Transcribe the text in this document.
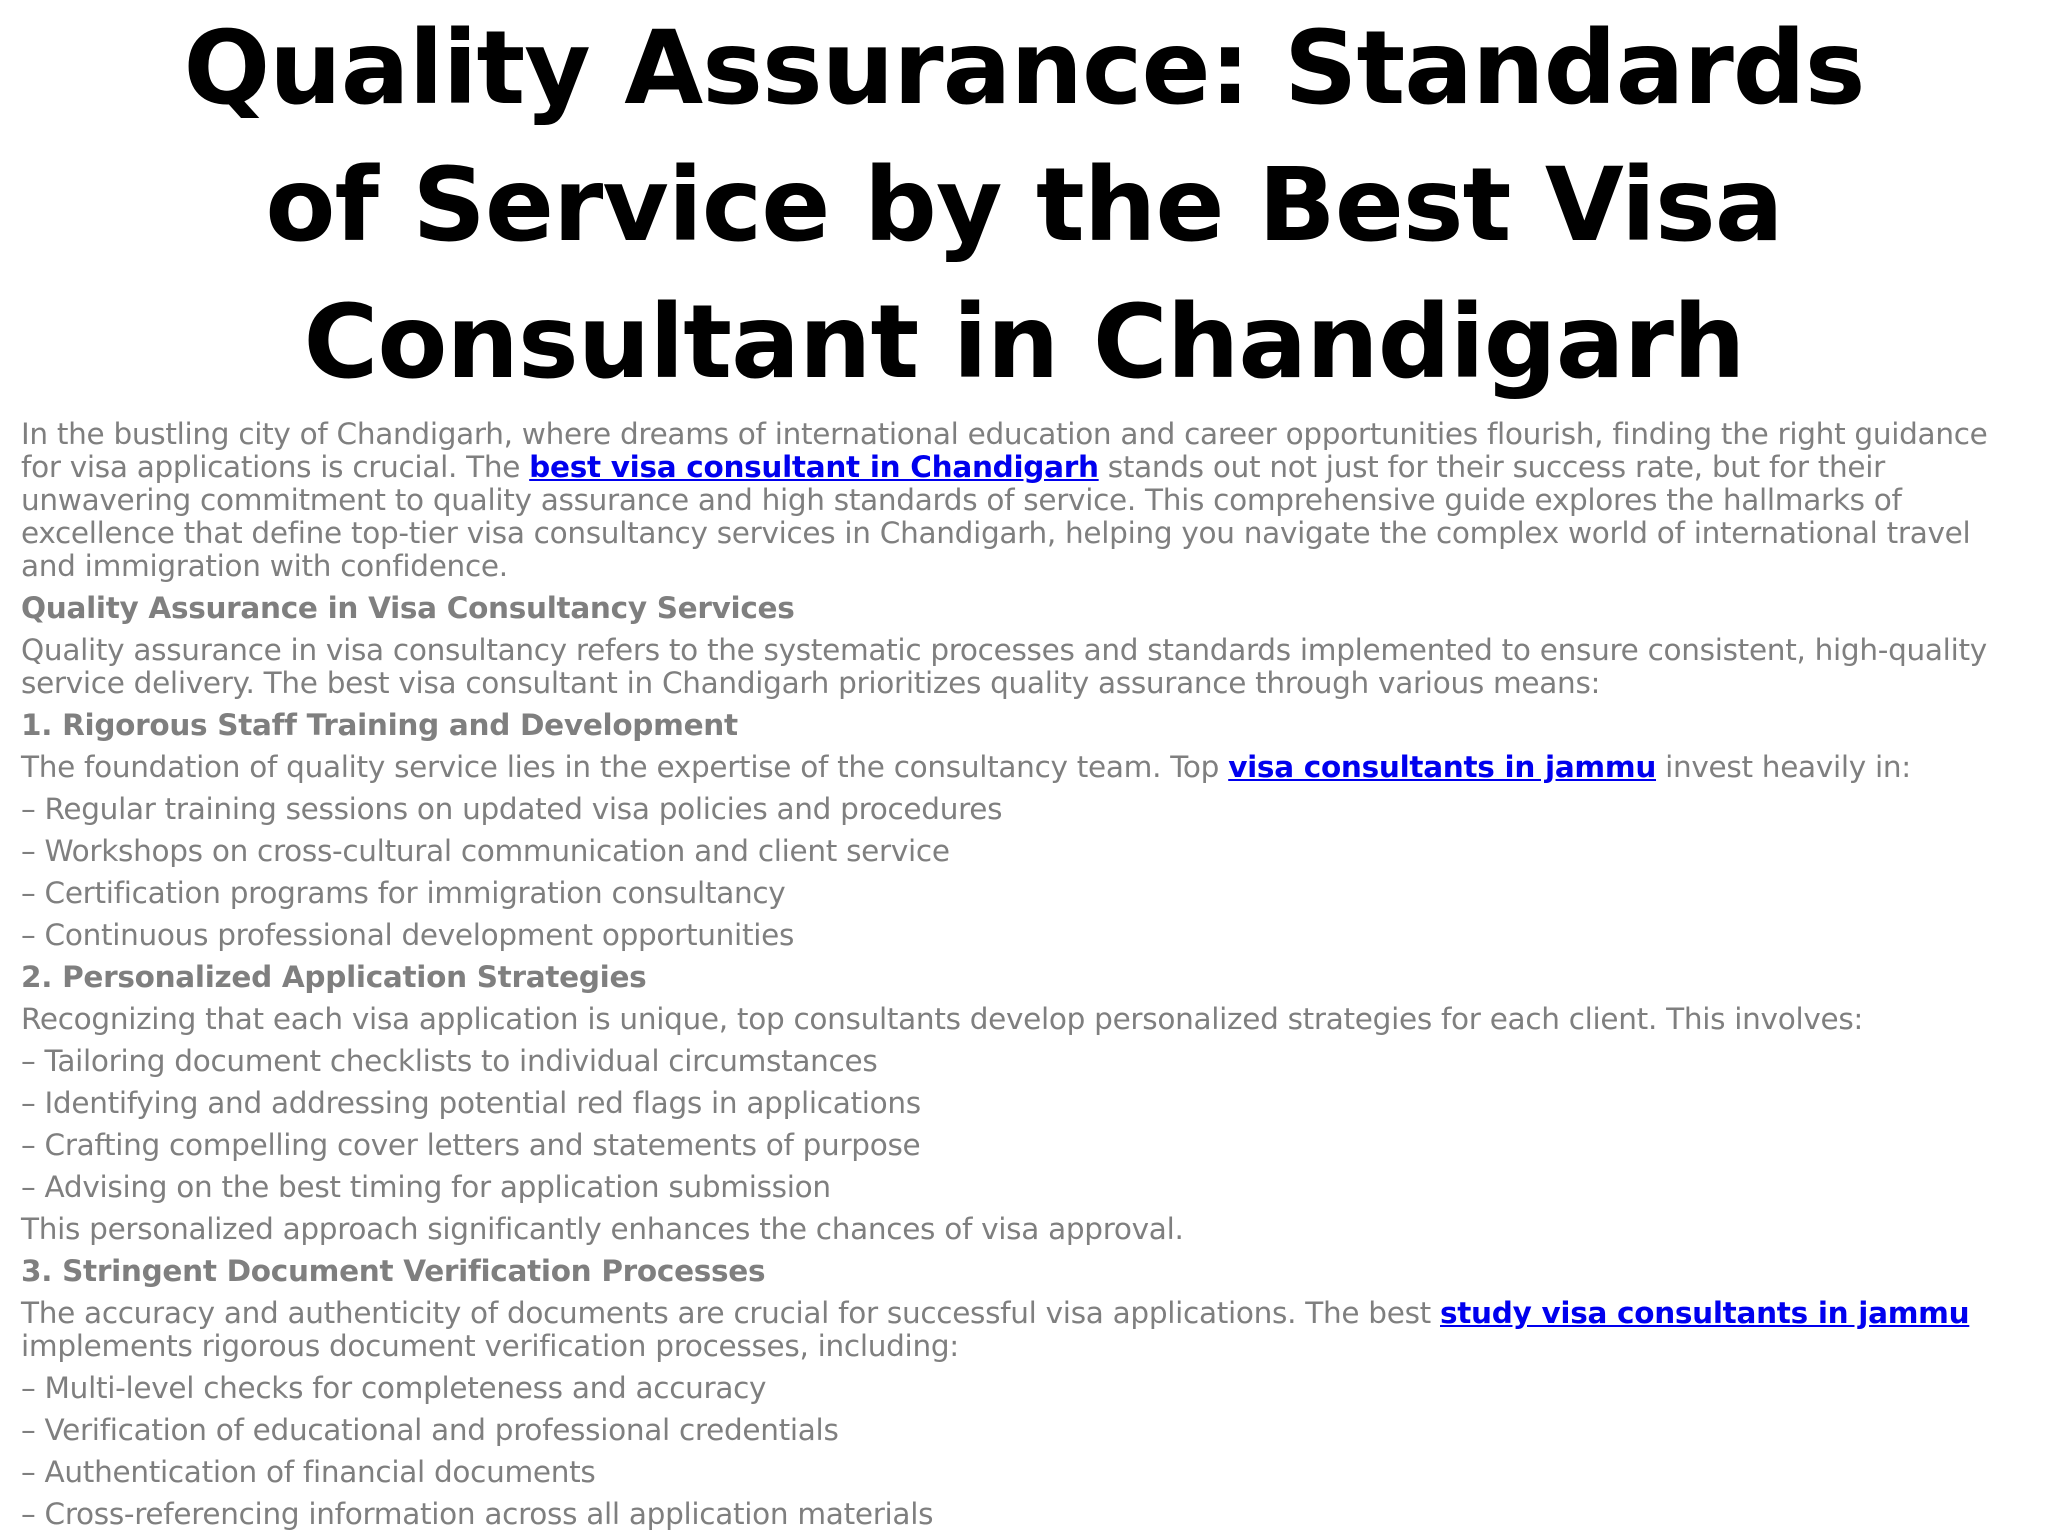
Quality Assurance: Standards of Service by the Best Visa Consultant in Chandigarh

In the bustling city of Chandigarh, where dreams of international education and career opportunities flourish, finding the right guidance for visa applications is crucial. The best visa consultant in Chandigarh stands out not just for their success rate, but for their unwavering commitment to quality assurance and high standards of service. This comprehensive guide explores the hallmarks of excellence that define top-tier visa consultancy services in Chandigarh, helping you navigate the complex world of international travel and immigration with confidence.

Quality Assurance in Visa Consultancy Services

Quality assurance in visa consultancy refers to the systematic processes and standards implemented to ensure consistent, high-quality service delivery. The best visa consultant in Chandigarh prioritizes quality assurance through various means:

1. Rigorous Staff Training and Development

The foundation of quality service lies in the expertise of the consultancy team. Top visa consultants in jammu invest heavily in:

– Regular training sessions on updated visa policies and procedures

– Workshops on cross-cultural communication and client service

– Certification programs for immigration consultancy

– Continuous professional development opportunities

2. Personalized Application Strategies

Recognizing that each visa application is unique, top consultants develop personalized strategies for each client. This involves:

– Tailoring document checklists to individual circumstances

– Identifying and addressing potential red flags in applications

– Crafting compelling cover letters and statements of purpose

– Advising on the best timing for application submission

This personalized approach significantly enhances the chances of visa approval.

3. Stringent Document Verification Processes

The accuracy and authenticity of documents are crucial for successful visa applications. The best study visa consultants in jammu implements rigorous document verification processes, including:

– Multi-level checks for completeness and accuracy

– Verification of educational and professional credentials

– Authentication of financial documents

– Cross-referencing information across all application materials
